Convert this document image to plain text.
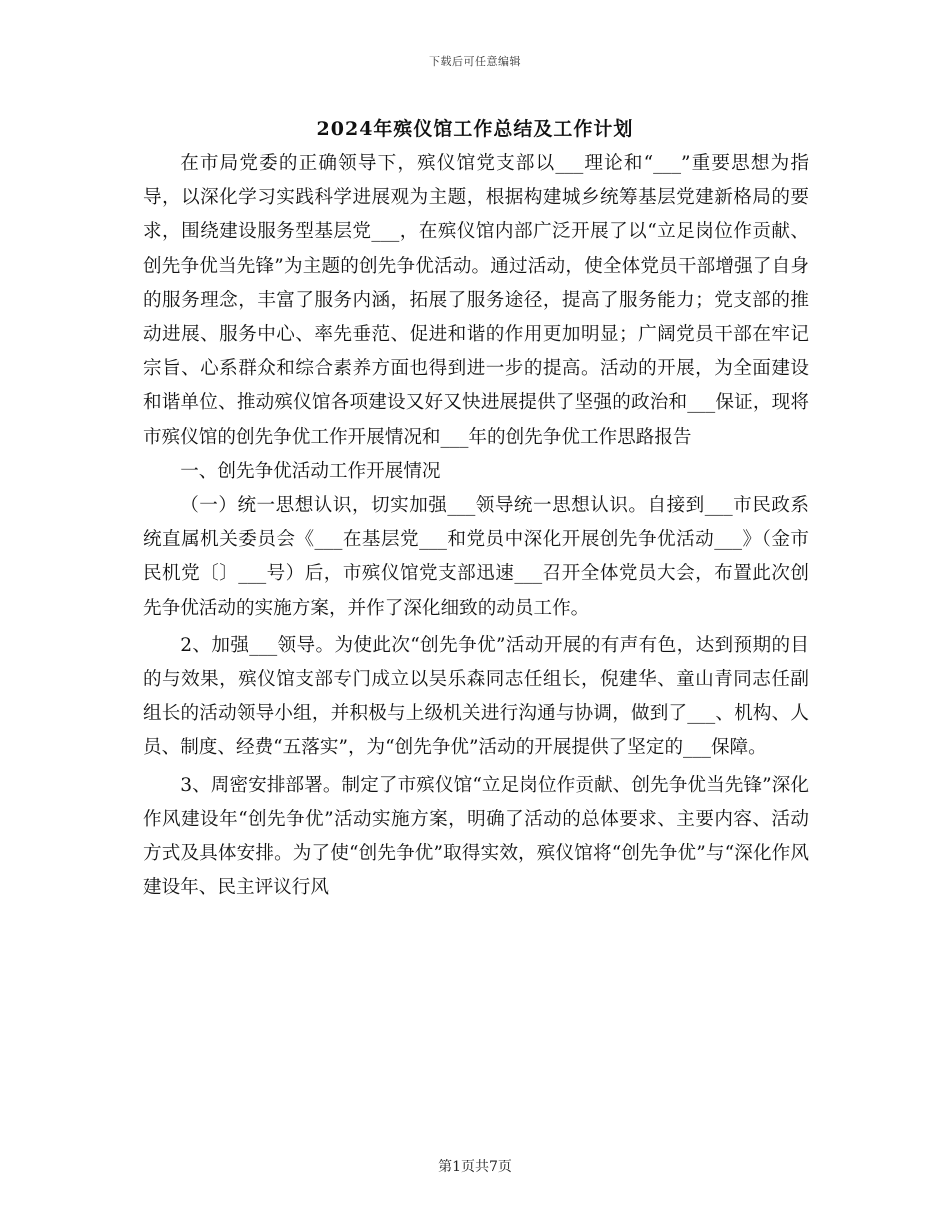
下载后可任意编辑
2024年殡仪馆工作总结及工作计划

在市局党委的正确领导下，殡仪馆党支部以___理论和“___”重要思想为指导，以深化学习实践科学进展观为主题，根据构建城乡统筹基层党建新格局的要求，围绕建设服务型基层党___，在殡仪馆内部广泛开展了以“立足岗位作贡献、创先争优当先锋”为主题的创先争优活动。通过活动，使全体党员干部增强了自身的服务理念，丰富了服务内涵，拓展了服务途径，提高了服务能力；党支部的推动进展、服务中心、率先垂范、促进和谐的作用更加明显；广阔党员干部在牢记宗旨、心系群众和综合素养方面也得到进一步的提高。活动的开展，为全面建设和谐单位、推动殡仪馆各项建设又好又快进展提供了坚强的政治和___保证，现将市殡仪馆的创先争优工作开展情况和___年的创先争优工作思路报告

一、创先争优活动工作开展情况

（一）统一思想认识，切实加强___领导统一思想认识。自接到___市民政系统直属机关委员会《___在基层党___和党员中深化开展创先争优活动___》（金市民机党〔〕___号）后，市殡仪馆党支部迅速___召开全体党员大会，布置此次创先争优活动的实施方案，并作了深化细致的动员工作。

2、加强___领导。为使此次“创先争优”活动开展的有声有色，达到预期的目的与效果，殡仪馆支部专门成立以吴乐森同志任组长，倪建华、童山青同志任副组长的活动领导小组，并积极与上级机关进行沟通与协调，做到了___、机构、人员、制度、经费“五落实”，为“创先争优”活动的开展提供了坚定的___保障。

3、周密安排部署。制定了市殡仪馆“立足岗位作贡献、创先争优当先锋”深化作风建设年“创先争优”活动实施方案，明确了活动的总体要求、主要内容、活动方式及具体安排。为了使“创先争优”取得实效，殡仪馆将“创先争优”与“深化作风建设年、民主评议行风

第1页共7页
